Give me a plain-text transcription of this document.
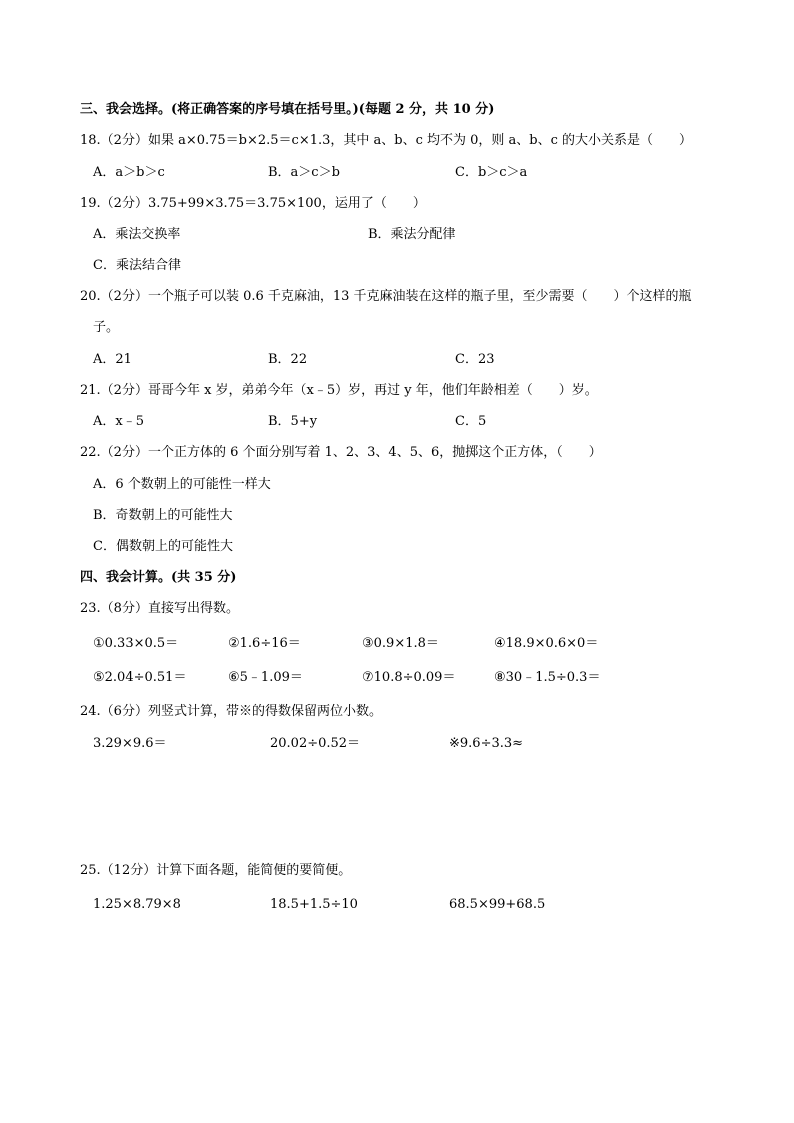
三、我会选择。(将正确答案的序号填在括号里。)(每题 2 分，共 10 分)
18.（2分）如果 a×0.75＝b×2.5＝c×1.3，其中 a、b、c 均不为 0，则 a、b、c 的大小关系是（　　）
A．a＞b＞c	B．a＞c＞b	C．b＞c＞a
19.（2分）3.75+99×3.75＝3.75×100，运用了（　　）
A．乘法交换率	B．乘法分配律
C．乘法结合律
20.（2分）一个瓶子可以装 0.6 千克麻油，13 千克麻油装在这样的瓶子里，至少需要（　　）个这样的瓶
子。
A．21	B．22	C．23
21.（2分）哥哥今年 x 岁，弟弟今年（x﹣5）岁，再过 y 年，他们年龄相差（　　）岁。
A．x﹣5	B．5+y	C．5
22.（2分）一个正方体的 6 个面分别写着 1、2、3、4、5、6，抛掷这个正方体，（　　）
A．6 个数朝上的可能性一样大
B．奇数朝上的可能性大
C．偶数朝上的可能性大
四、我会计算。(共 35 分)
23.（8分）直接写出得数。
①0.33×0.5＝	②1.6÷16＝	③0.9×1.8＝	④18.9×0.6×0＝
⑤2.04÷0.51＝	⑥5﹣1.09＝	⑦10.8÷0.09＝	⑧30﹣1.5÷0.3＝
24.（6分）列竖式计算，带※的得数保留两位小数。
3.29×9.6＝	20.02÷0.52＝	※9.6÷3.3≈
25.（12分）计算下面各题，能简便的要简便。
1.25×8.79×8	18.5+1.5÷10	68.5×99+68.5
